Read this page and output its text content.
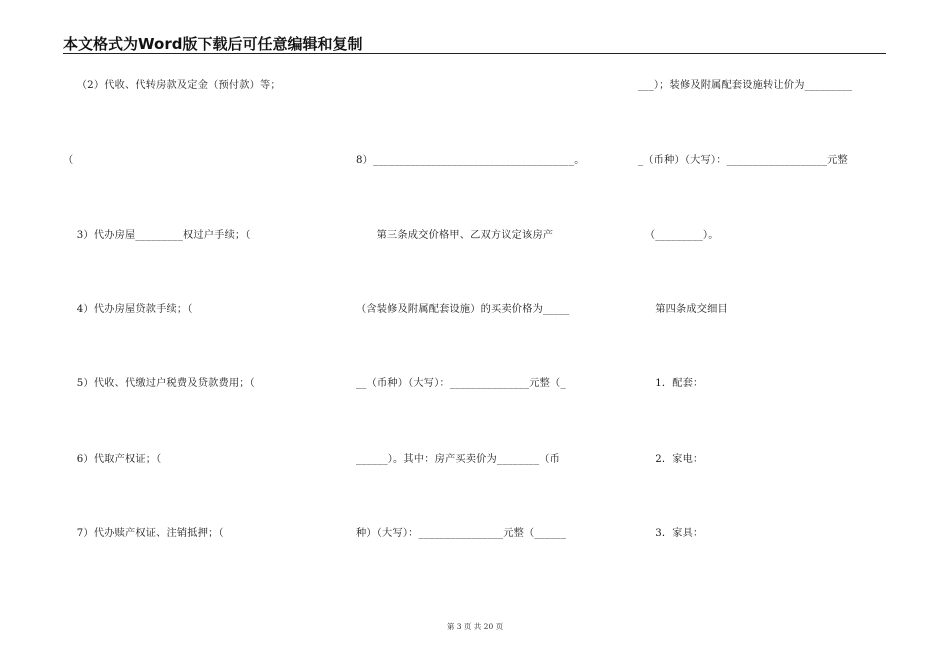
本文格式为Word版下载后可任意编辑和复制
（2）代收、代转房款及定金（预付款）等；
（
3）代办房屋_________权过户手续；（
4）代办房屋贷款手续；（
5）代收、代缴过户税费及贷款费用；（
6）代取产权证；（
7）代办赎产权证、注销抵押；（
8）______________________________________。
第三条成交价格甲、乙双方议定该房产
（含装修及附属配套设施）的买卖价格为_____
__（币种）（大写）：_______________元整（_
______）。其中：房产买卖价为________（币
种）（大写）：________________元整（______
___）；装修及附属配套设施转让价为_________
_（币种）（大写）：___________________元整
（_________）。
第四条成交细目
1．配套：
2．家电：
3．家具：
第 3 页 共 20 页
